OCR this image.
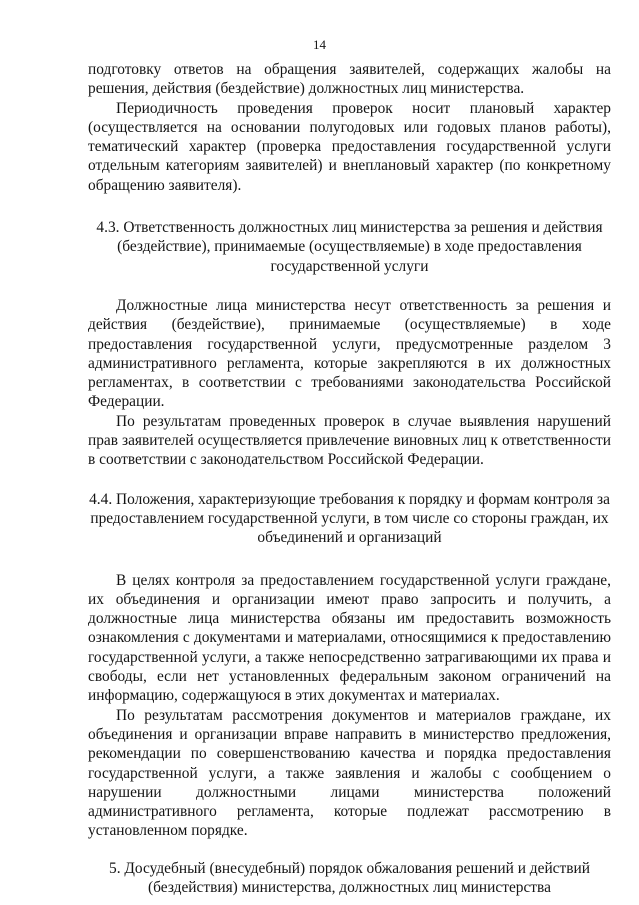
14

подготовку ответов на обращения заявителей, содержащих жалобы на решения, действия (бездействие) должностных лиц министерства.

Периодичность проведения проверок носит плановый характер (осуществляется на основании полугодовых или годовых планов работы), тематический характер (проверка предоставления государственной услуги отдельным категориям заявителей) и внеплановый характер (по конкретному обращению заявителя).

4.3. Ответственность должностных лиц министерства за решения и действия (бездействие), принимаемые (осуществляемые) в ходе предоставления государственной услуги

Должностные лица министерства несут ответственность за решения и действия (бездействие), принимаемые (осуществляемые) в ходе предоставления государственной услуги, предусмотренные разделом 3 административного регламента, которые закрепляются в их должностных регламентах, в соответствии с требованиями законодательства Российской Федерации.

По результатам проведенных проверок в случае выявления нарушений прав заявителей осуществляется привлечение виновных лиц к ответственности в соответствии с законодательством Российской Федерации.

4.4. Положения, характеризующие требования к порядку и формам контроля за предоставлением государственной услуги, в том числе со стороны граждан, их объединений и организаций

В целях контроля за предоставлением государственной услуги граждане, их объединения и организации имеют право запросить и получить, а должностные лица министерства обязаны им предоставить возможность ознакомления с документами и материалами, относящимися к предоставлению государственной услуги, а также непосредственно затрагивающими их права и свободы, если нет установленных федеральным законом ограничений на информацию, содержащуюся в этих документах и материалах.

По результатам рассмотрения документов и материалов граждане, их объединения и организации вправе направить в министерство предложения, рекомендации по совершенствованию качества и порядка предоставления государственной услуги, а также заявления и жалобы с сообщением о нарушении должностными лицами министерства положений административного регламента, которые подлежат рассмотрению в установленном порядке.

5. Досудебный (внесудебный) порядок обжалования решений и действий (бездействия) министерства, должностных лиц министерства
